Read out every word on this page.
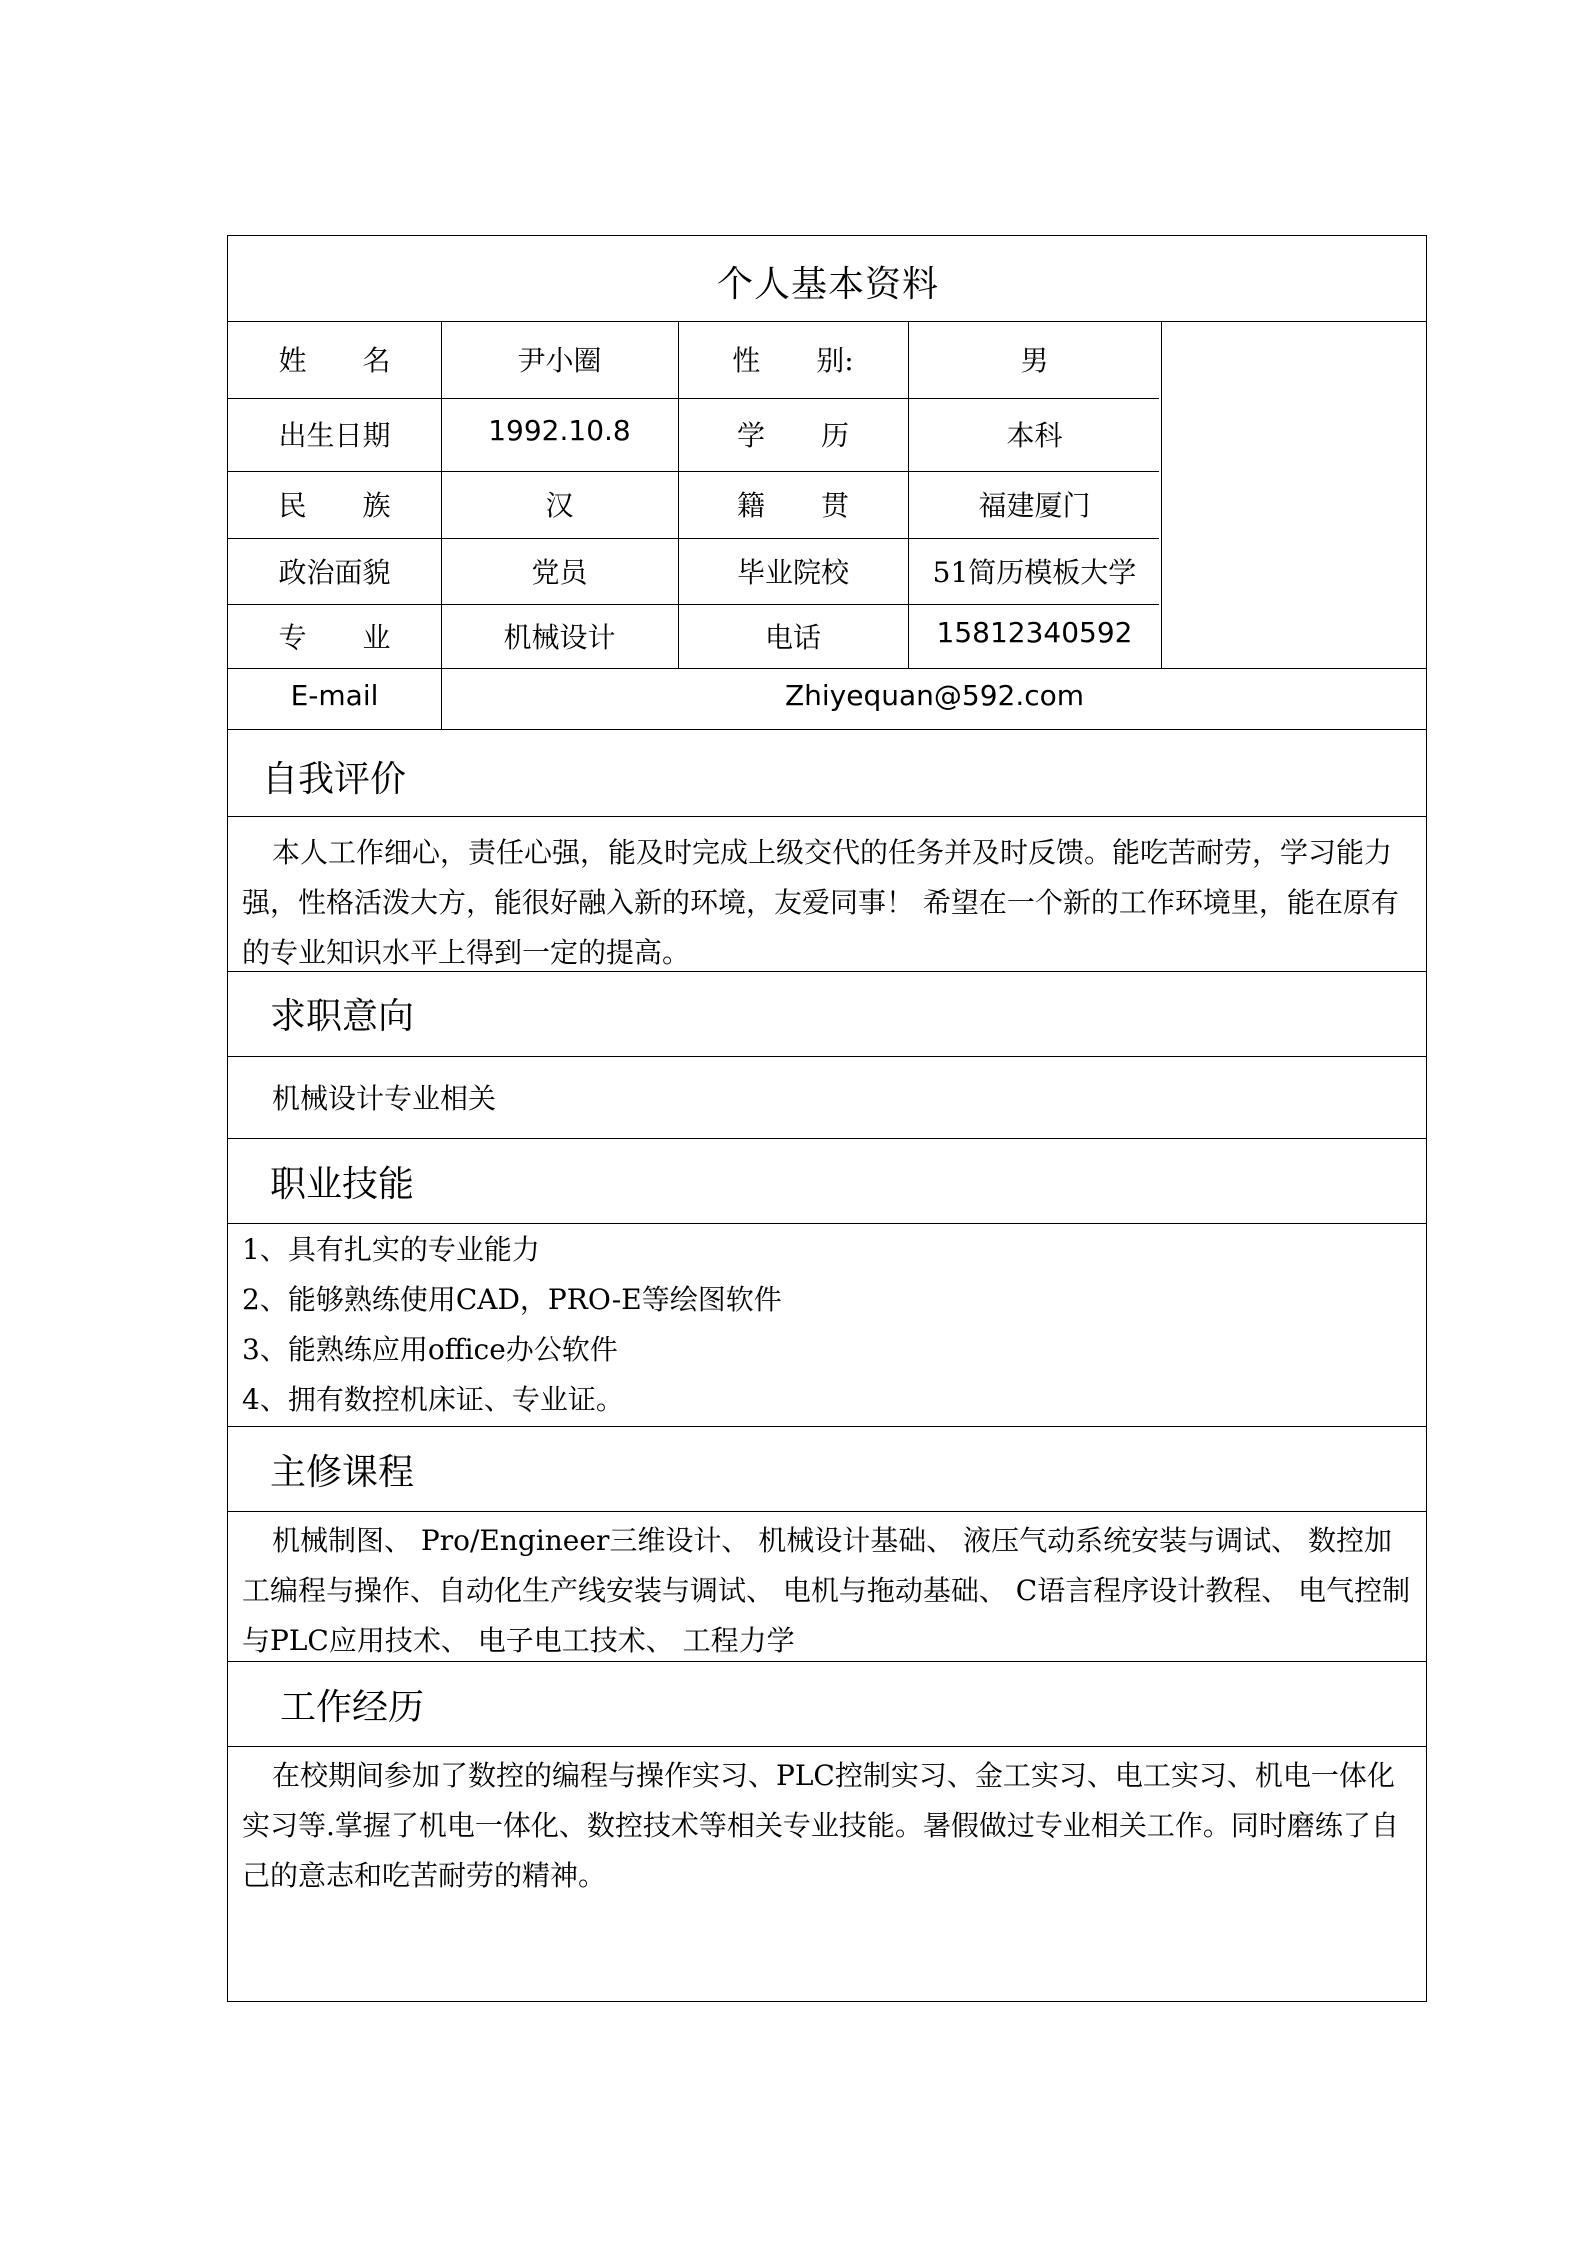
个人基本资料
姓　　名	尹小圈	性　　别:	男
出生日期	1992.10.8	学　　历	本科
民　　族	汉	籍　　贯	福建厦门
政治面貌	党员	毕业院校	51简历模板大学
专　　业	机械设计	电话	15812340592
E-mail	Zhiyequan@592.com
自我评价
本人工作细心，责任心强，能及时完成上级交代的任务并及时反馈。能吃苦耐劳，学习能力强，性格活泼大方，能很好融入新的环境，友爱同事！ 希望在一个新的工作环境里，能在原有的专业知识水平上得到一定的提高。
求职意向
机械设计专业相关
职业技能
1、具有扎实的专业能力
2、能够熟练使用CAD，PRO-E等绘图软件
3、能熟练应用office办公软件
4、拥有数控机床证、专业证。
主修课程
机械制图、 Pro/Engineer三维设计、 机械设计基础、 液压气动系统安装与调试、 数控加工编程与操作、自动化生产线安装与调试、 电机与拖动基础、 C语言程序设计教程、 电气控制与PLC应用技术、 电子电工技术、 工程力学
工作经历
在校期间参加了数控的编程与操作实习、PLC控制实习、金工实习、电工实习、机电一体化实习等.掌握了机电一体化、数控技术等相关专业技能。暑假做过专业相关工作。同时磨练了自己的意志和吃苦耐劳的精神。
